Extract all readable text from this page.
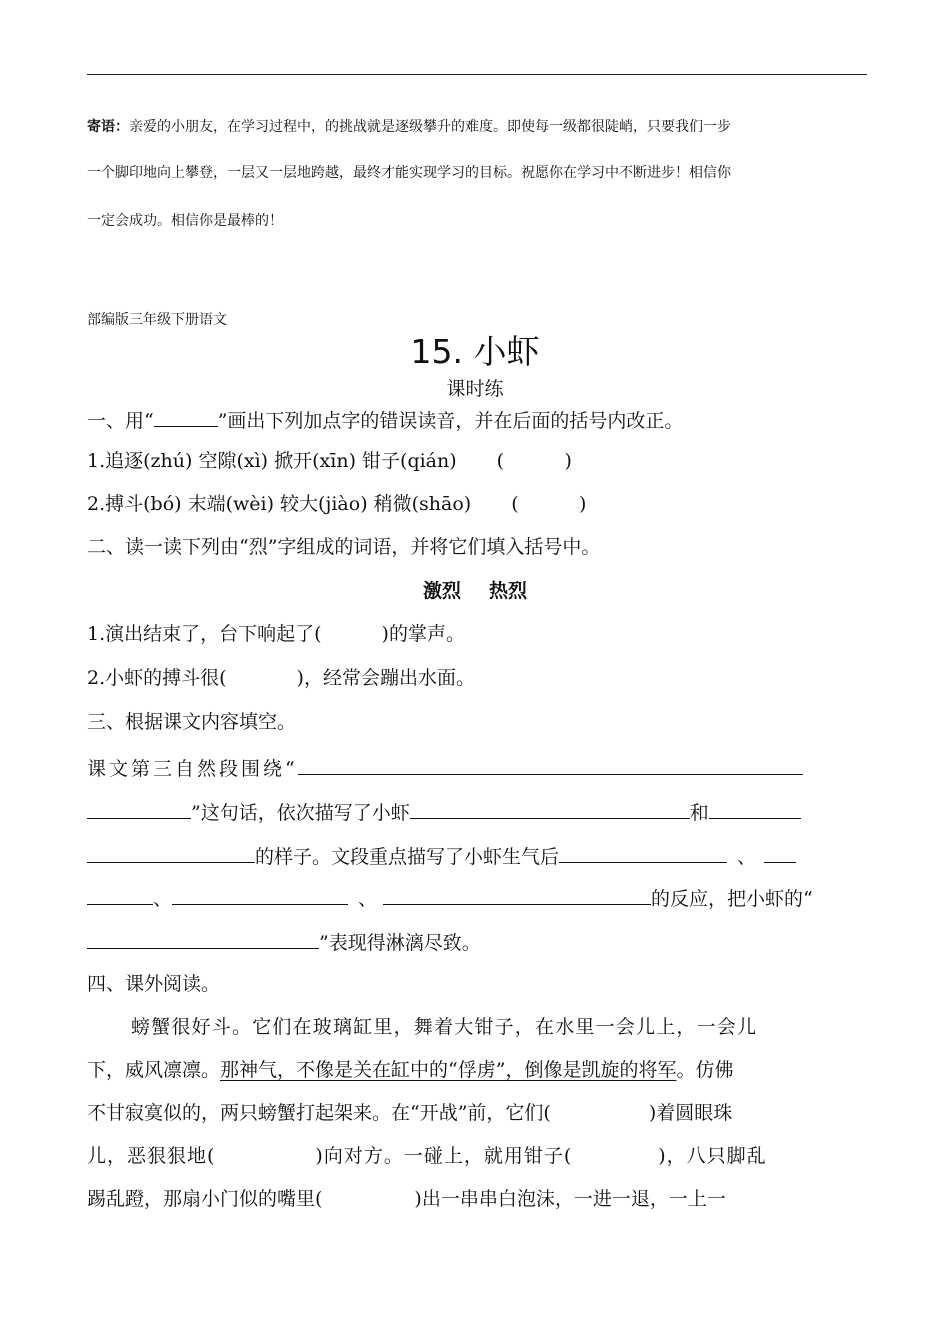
寄语：亲爱的小朋友，在学习过程中，的挑战就是逐级攀升的难度。即使每一级都很陡峭，只要我们一步
一个脚印地向上攀登，一层又一层地跨越，最终才能实现学习的目标。祝愿你在学习中不断进步！相信你
一定会成功。相信你是最棒的！
部编版三年级下册语文
15. 小虾
课时练
一、用“	”画出下列加点字的错误读音，并在后面的括号内改正。
1.追逐(zhú) 空隙(xì) 掀开(xīn) 钳子(qián) (          )
2.搏斗(bó) 末端(wèi) 较大(jiào) 稍微(shāo) (          )
二、读一读下列由“烈”字组成的词语，并将它们填入括号中。
激烈 热烈
1.演出结束了，台下响起了(	)的掌声。
2.小虾的搏斗很(	)，经常会蹦出水面。
三、根据课文内容填空。
课文第三自然段围绕“
”这句话，依次描写了小虾	和
的样子。文段重点描写了小虾生气后	、
、	、	的反应，把小虾的“
”表现得淋漓尽致。
四、课外阅读。
螃蟹很好斗。它们在玻璃缸里，舞着大钳子，在水里一会儿上，一会儿
下，威风凛凛。那神气，不像是关在缸中的“俘虏”，倒像是凯旋的将军。仿佛
不甘寂寞似的，两只螃蟹打起架来。在“开战”前，它们(	)着圆眼珠
儿，恶狠狠地(	)向对方。一碰上，就用钳子(	)，八只脚乱
踢乱蹬，那扇小门似的嘴里(	)出一串串白泡沫，一进一退，一上一
